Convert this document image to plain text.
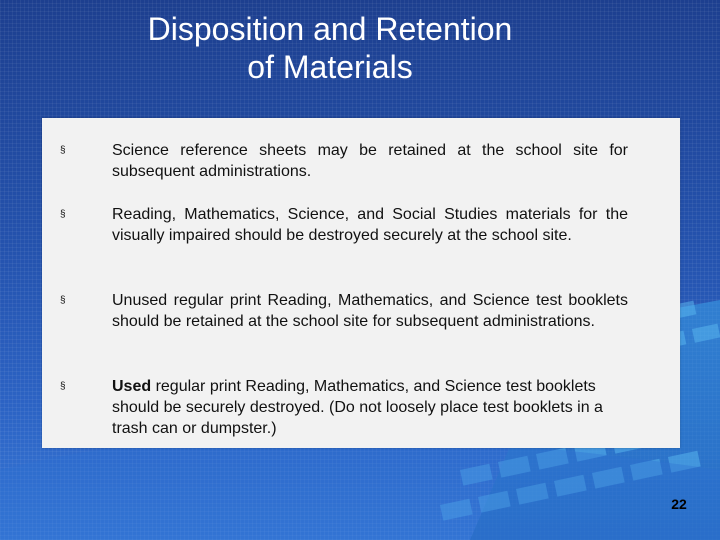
Disposition and Retention
of Materials
§	Science reference sheets may be retained at the school site for subsequent administrations.
§	Reading, Mathematics, Science, and Social Studies materials for the visually impaired should be destroyed securely at the school site.
§	Unused regular print Reading, Mathematics, and Science test booklets should be retained at the school site for subsequent administrations.
§	Used regular print Reading, Mathematics, and Science test booklets should be securely destroyed. (Do not loosely place test booklets in a trash can or dumpster.)
22
